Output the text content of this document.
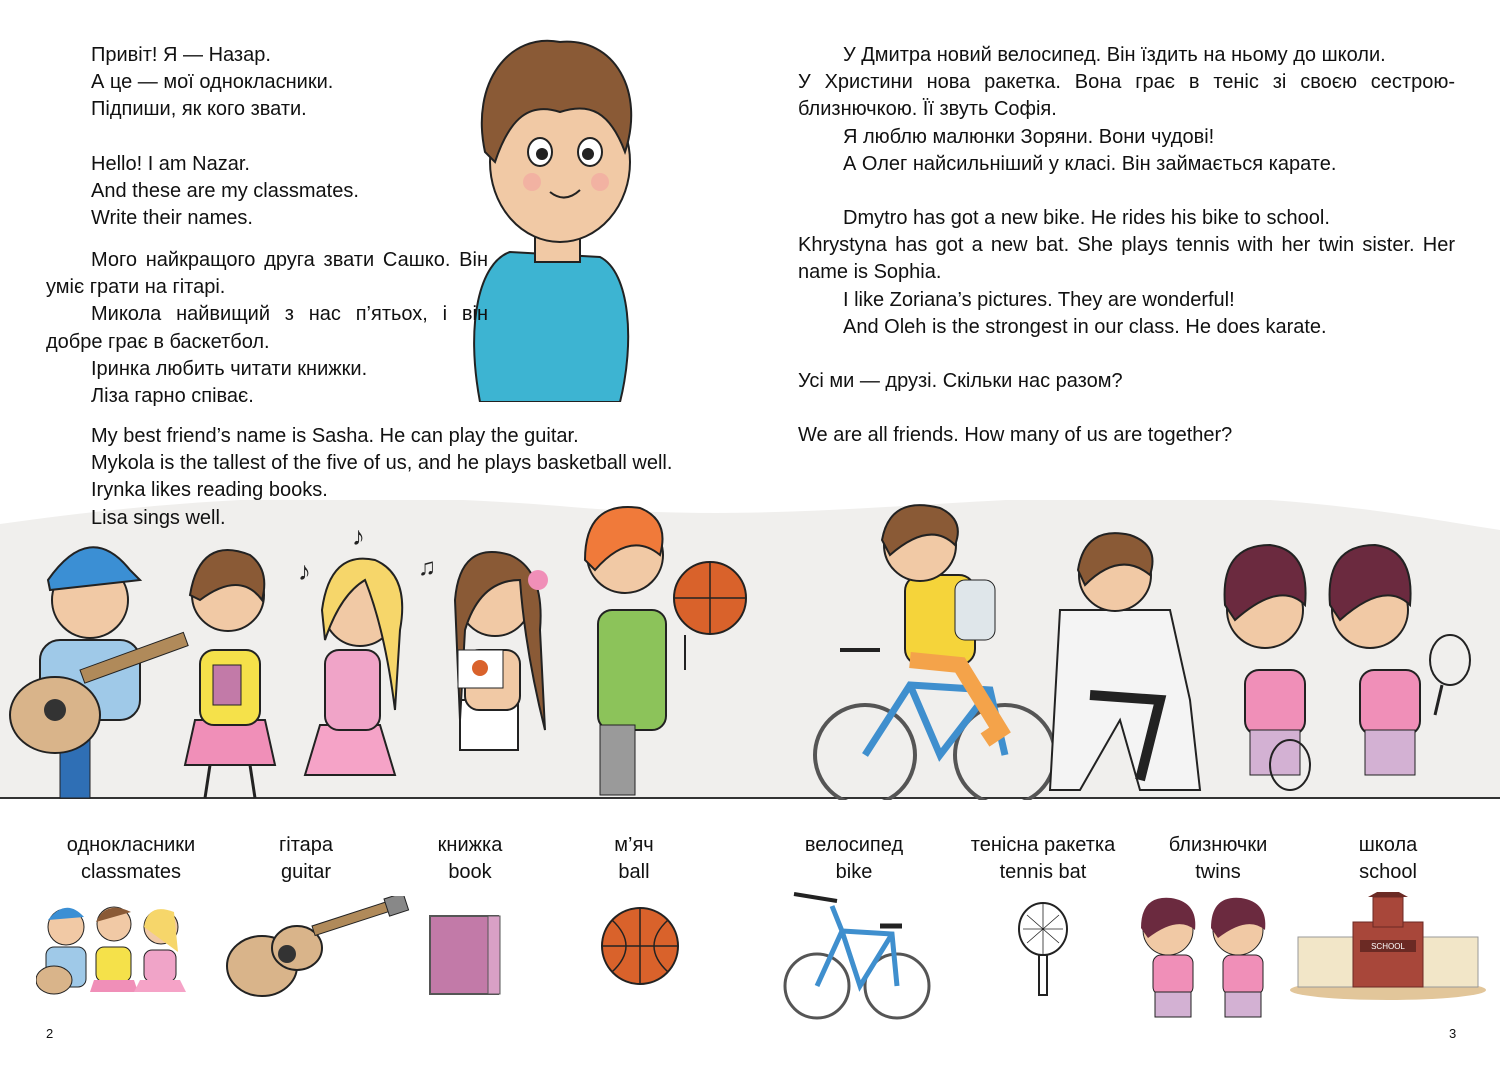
Привіт! Я — Назар.

А це — мої однокласники.

Підпиши, як кого звати.

Hello! I am Nazar.

And these are my classmates.

Write their names.

Мого найкращого друга звати Сашко. Він уміє грати на гітарі.

Микола найвищий з нас п’ятьох, і він добре грає в баскетбол.

Іринка любить читати книжки.

Ліза гарно співає.

My best friend’s name is Sasha. He can play the guitar.

Mykola is the tallest of the five of us, and he plays basketball well.

Irynka likes reading books.

Lisa sings well.

У Дмитра новий велосипед. Він їздить на ньому до школи.

У Христини нова ракетка. Вона грає в теніс зі своєю сестрою-близнючкою. Її звуть Софія.

Я люблю малюнки Зоряни. Вони чудові!

А Олег найсильніший у класі. Він займається карате.

Dmytro has got a new bike. He rides his bike to school.

Khrystyna has got a new bat. She plays tennis with her twin sister. Her name is Sophia.

I like Zoriana’s pictures. They are wonderful!

And Oleh is the strongest in our class. He does karate.

Усі ми — друзі. Скільки нас разом?

We are all friends. How many of us are together?

♪
♪
♫
однокласники
classmates
гітара
guitar
книжка
book
м’яч
ball
велосипед
bike
тенісна ракетка
tennis bat
близнючки
twins
школа
school
SCHOOL
2	3
